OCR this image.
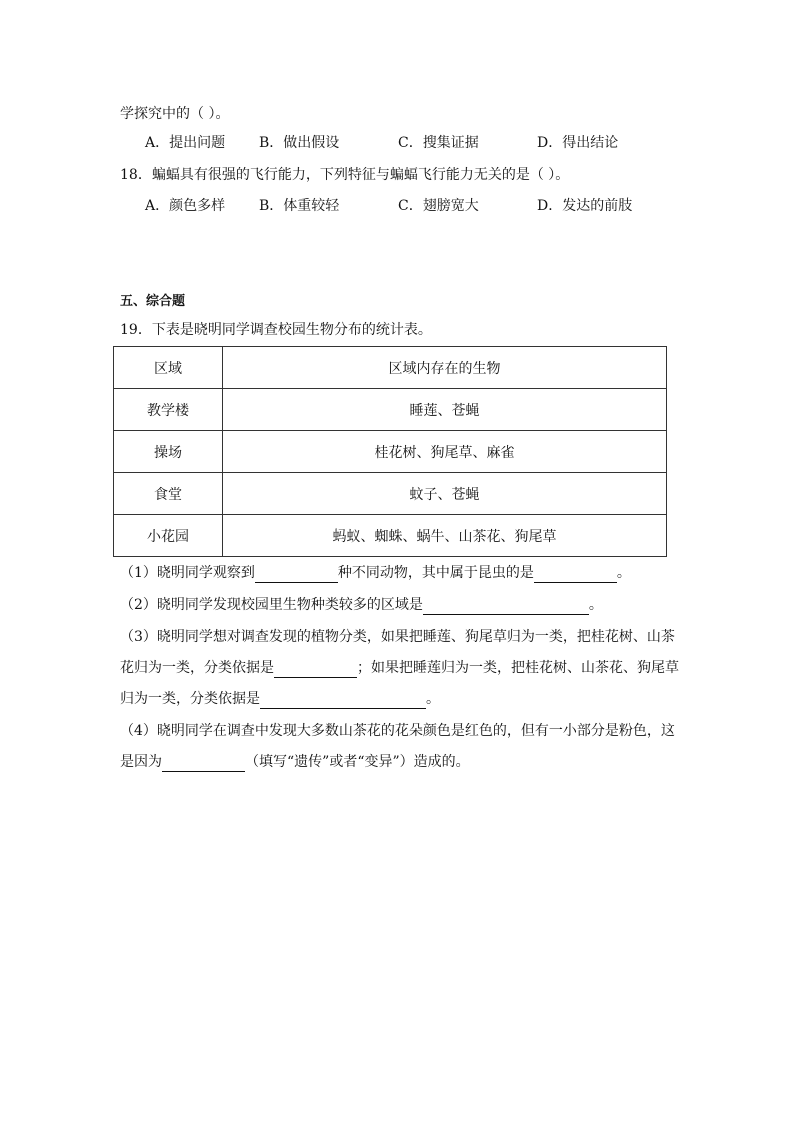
学探究中的（ ）。
A．提出问题 B．做出假设	C．搜集证据	D．得出结论
18．蝙蝠具有很强的飞行能力，下列特征与蝙蝠飞行能力无关的是（ ）。
A．颜色多样 B．体重较轻	C．翅膀宽大	D．发达的前肢
五、综合题
19．下表是晓明同学调查校园生物分布的统计表。
区域	区域内存在的生物
教学楼	睡莲、苍蝇
操场	桂花树、狗尾草、麻雀
食堂	蚊子、苍蝇
小花园	蚂蚁、蜘蛛、蜗牛、山茶花、狗尾草
（1）晓明同学观察到	种不同动物，其中属于昆虫的是	。
（2）晓明同学发现校园里生物种类较多的区域是	。
（3）晓明同学想对调查发现的植物分类，如果把睡莲、狗尾草归为一类，把桂花树、山茶
花归为一类，分类依据是	；如果把睡莲归为一类，把桂花树、山茶花、狗尾草
归为一类，分类依据是	。
（4）晓明同学在调查中发现大多数山茶花的花朵颜色是红色的，但有一小部分是粉色，这
是因为	（填写“遗传”或者“变异”）造成的。
